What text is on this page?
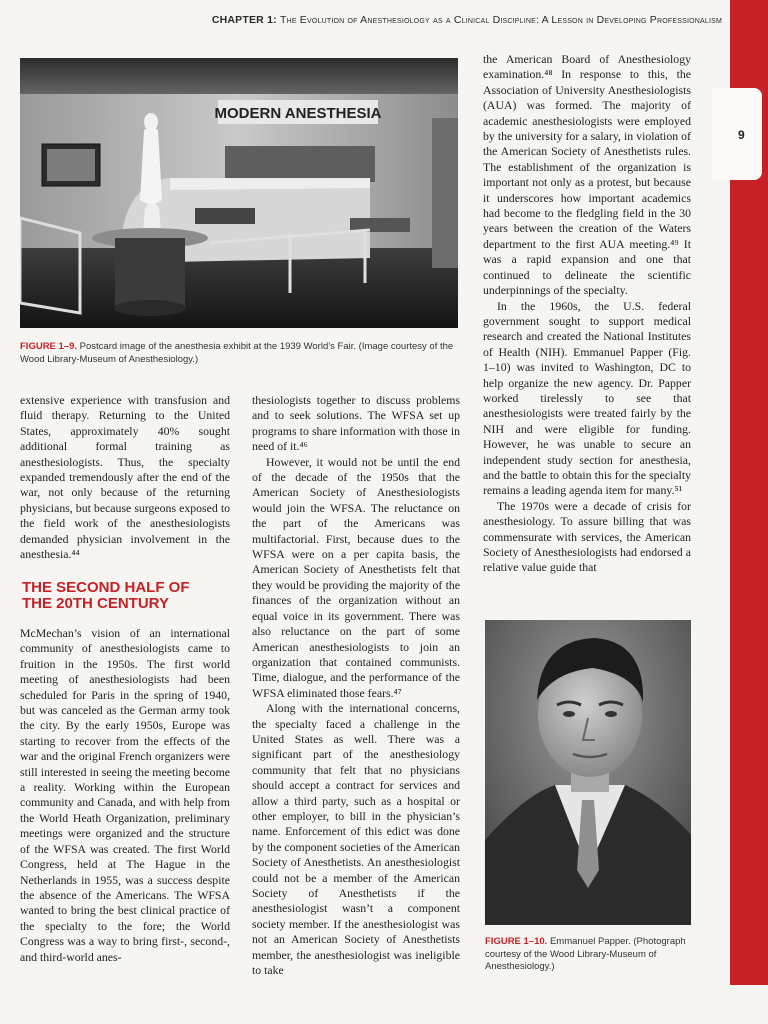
9
CHAPTER 1: The Evolution of Anesthesiology as a Clinical Discipline: A Lesson in Developing Professionalism
MODERN ANESTHESIA
FIGURE 1–9. Postcard image of the anesthesia exhibit at the 1939 World’s Fair. (Image courtesy of the Wood Library-Museum of Anesthesiology.)

extensive experience with transfusion and fluid therapy. Returning to the United States, approximately 40% sought additional formal training as anesthesiologists. Thus, the specialty expanded tremendously after the end of the war, not only because of the returning physicians, but because surgeons exposed to the field work of the anesthesiologists demanded physician involvement in the anesthesia.⁴⁴

THE SECOND HALF OF
THE 20TH CENTURY

McMechan’s vision of an international community of anesthesiologists came to fruition in the 1950s. The first world meeting of anesthesiologists had been scheduled for Paris in the spring of 1940, but was canceled as the German army took the city. By the early 1950s, Europe was starting to recover from the effects of the war and the original French organizers were still interested in seeing the meeting become a reality. Working within the European community and Canada, and with help from the World Heath Organization, preliminary meetings were organized and the structure of the WFSA was created. The first World Congress, held at The Hague in the Netherlands in 1955, was a success despite the absence of the Americans. The WFSA wanted to bring the best clinical practice of the specialty to the fore; the World Congress was a way to bring first-, second-, and third-world anes-

thesiologists together to discuss problems and to seek solutions. The WFSA set up programs to share information with those in need of it.⁴⁶

However, it would not be until the end of the decade of the 1950s that the American Society of Anesthesiologists would join the WFSA. The reluctance on the part of the Americans was multifactorial. First, because dues to the WFSA were on a per capita basis, the American Society of Anesthetists felt that they would be providing the majority of the finances of the organization without an equal voice in its government. There was also reluctance on the part of some American anesthesiologists to join an organization that contained communists. Time, dialogue, and the performance of the WFSA eliminated those fears.⁴⁷

Along with the international concerns, the specialty faced a challenge in the United States as well. There was a significant part of the anesthesiology community that felt that no physicians should accept a contract for services and allow a third party, such as a hospital or other employer, to bill in the physician’s name. Enforcement of this edict was done by the component societies of the American Society of Anesthetists. An anesthesiologist could not be a member of the American Society of Anesthetists if the anesthesiologist wasn’t a component society member. If the anesthesiologist was not an American Society of Anesthetists member, the anesthesiologist was ineligible to take

the American Board of Anesthesiology examination.⁴⁸ In response to this, the Association of University Anesthesiologists (AUA) was formed. The majority of academic anesthesiologists were employed by the university for a salary, in violation of the American Society of Anesthetists rules. The establishment of the organization is important not only as a protest, but because it underscores how important academics had become to the fledgling field in the 30 years between the creation of the Waters department to the first AUA meeting.⁴⁹ It was a rapid expansion and one that continued to delineate the scientific underpinnings of the specialty.

In the 1960s, the U.S. federal government sought to support medical research and created the National Institutes of Health (NIH). Emmanuel Papper (Fig. 1–10) was invited to Washington, DC to help organize the new agency. Dr. Papper worked tirelessly to see that anesthesiologists were treated fairly by the NIH and were eligible for funding. However, he was unable to secure an independent study section for anesthesia, and the battle to obtain this for the specialty remains a leading agenda item for many.⁵¹

The 1970s were a decade of crisis for anesthesiology. To assure billing that was commensurate with services, the American Society of Anesthesiologists had endorsed a relative value guide that

FIGURE 1–10. Emmanuel Papper. (Photograph courtesy of the Wood Library-Museum of Anesthesiology.)
